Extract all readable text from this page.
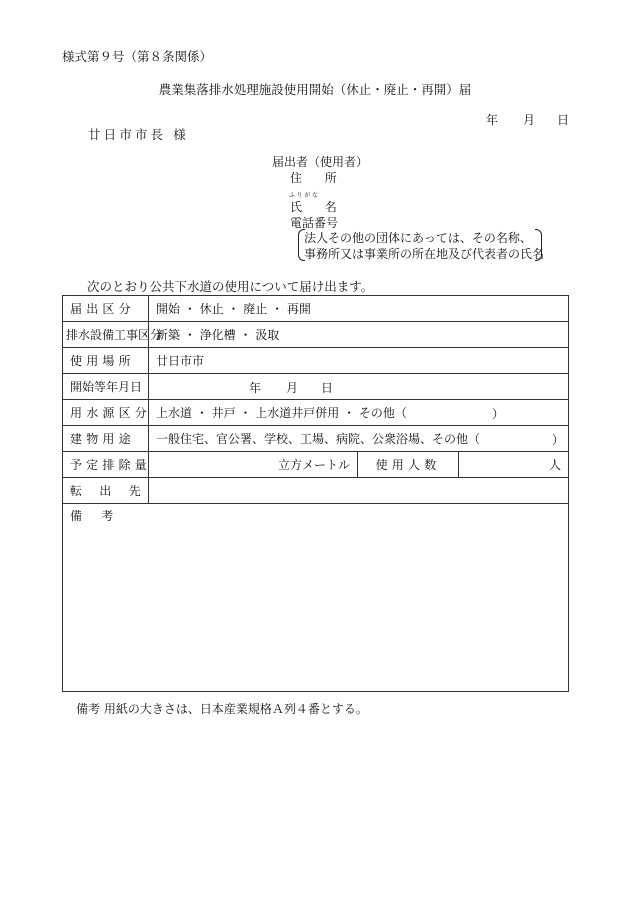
様式第９号（第８条関係）
農業集落排水処理施設使用開始（休止・廃止・再開）届
年 月 日
廿日市市長 様
届出者（使用者）
住所
ふりがな
氏名
電話番号
法人その他の団体にあっては、その名称、
事務所又は事業所の所在地及び代表者の氏名
次のとおり公共下水道の使用について届け出ます。
届出区分	開始 ・ 休止 ・ 廃止 ・ 再開		
排水設備工事区分	新築 ・ 浄化槽 ・ 汲取		
使用場所	廿日市市		
開始等年月日	年 月 日		

用水源区分	上水道 ・ 井戸 ・ 上水道井戸併用 ・ その他（ ）		

建物用途	一般住宅、官公署、学校、工場、病院、公衆浴場、その他（ ）		

予定排除量	立方メートル	使用人数	人
転出先			
備考			
備考 用紙の大きさは、日本産業規格Ａ列４番とする。
